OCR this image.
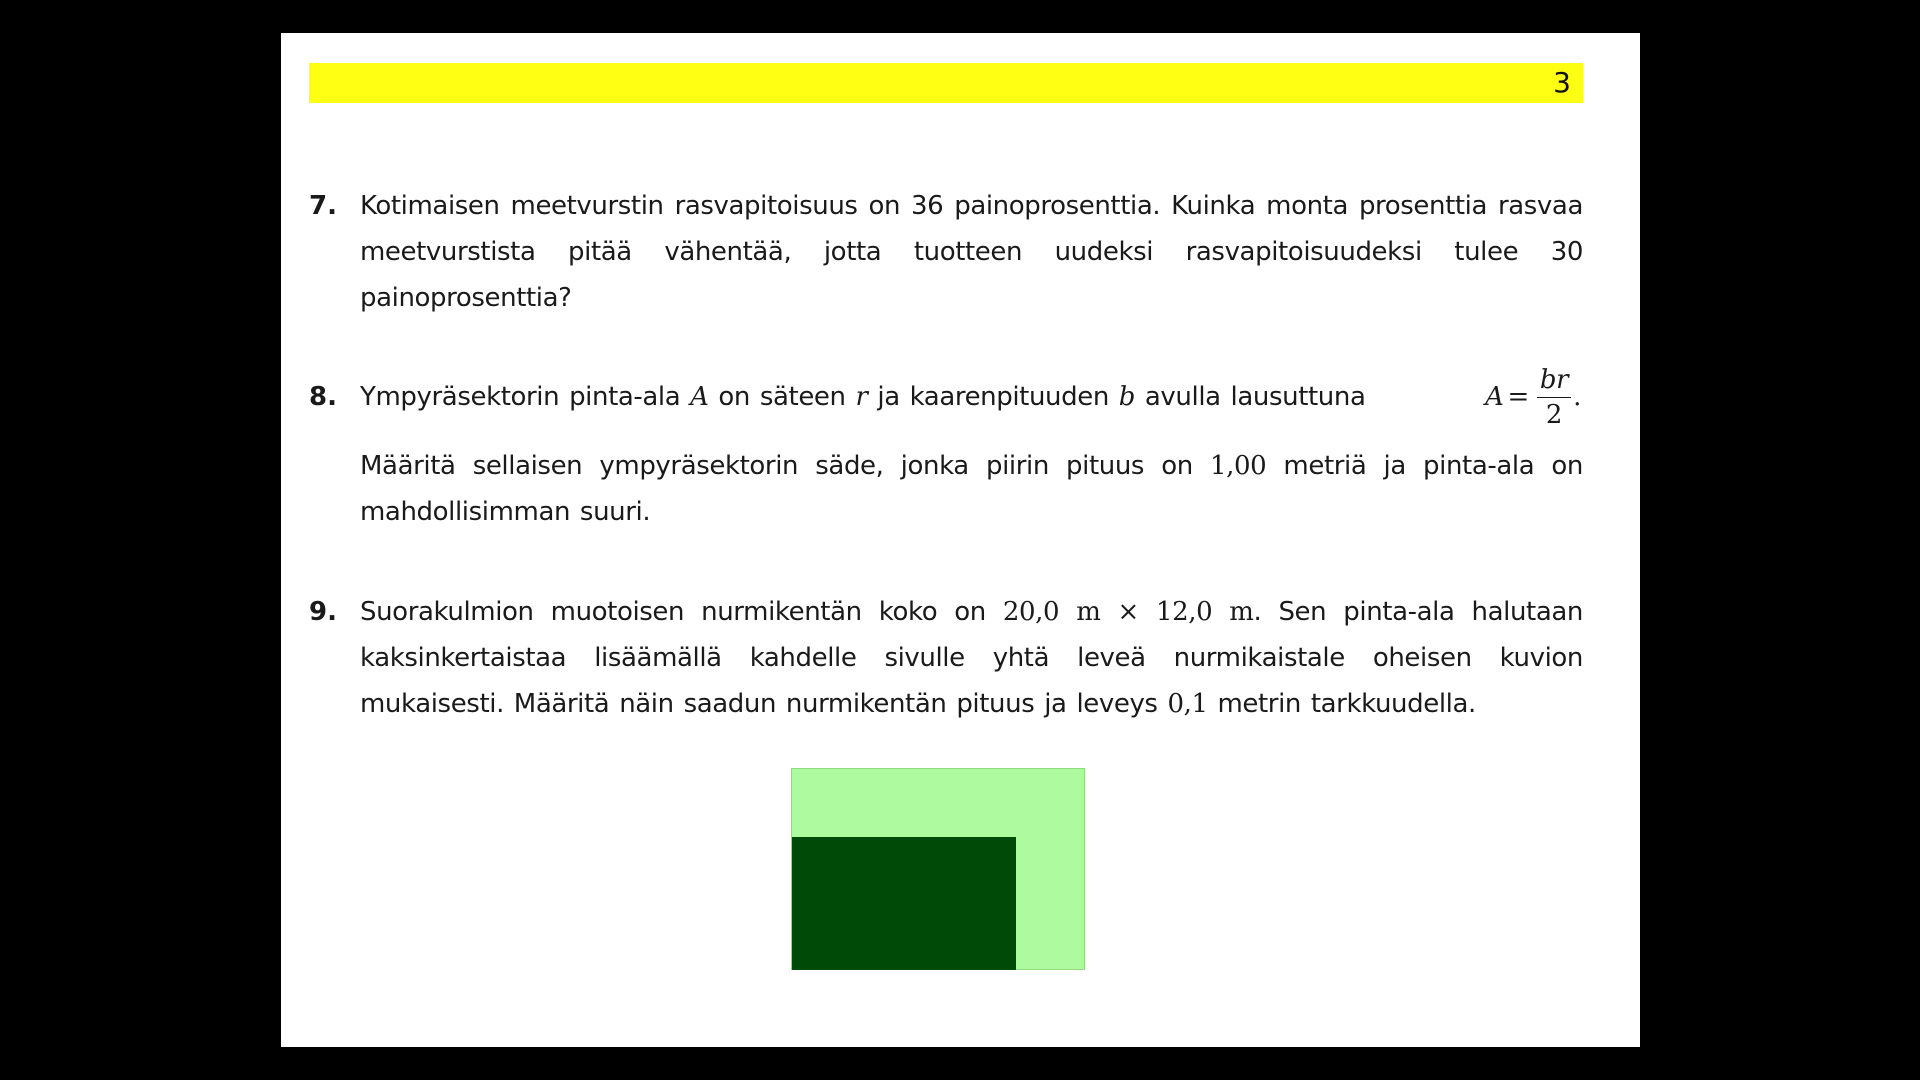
3
7. Kotimaisen meetvurstin rasvapitoisuus on 36 painoprosenttia. Kuinka monta prosenttia rasvaa meetvurstista pitää vähentää, jotta tuotteen uudeksi rasvapitoisuudeksi tulee 30 painoprosenttia?

8. Ympyräsektorin pinta-ala A on säteen r ja kaarenpituuden b avulla lausuttuna	$A = \frac{br}{2}$ .

Määritä sellaisen ympyräsektorin säde, jonka piirin pituus on 1,00 metriä ja pinta-ala on mahdollisimman suuri.

9. Suorakulmion muotoisen nurmikentän koko on 20,0 m × 12,0 m. Sen pinta-ala halutaan kaksinkertaistaa lisäämällä kahdelle sivulle yhtä leveä nurmikaistale oheisen kuvion mukaisesti. Määritä näin saadun nurmikentän pituus ja leveys 0,1 metrin tarkkuudella.
